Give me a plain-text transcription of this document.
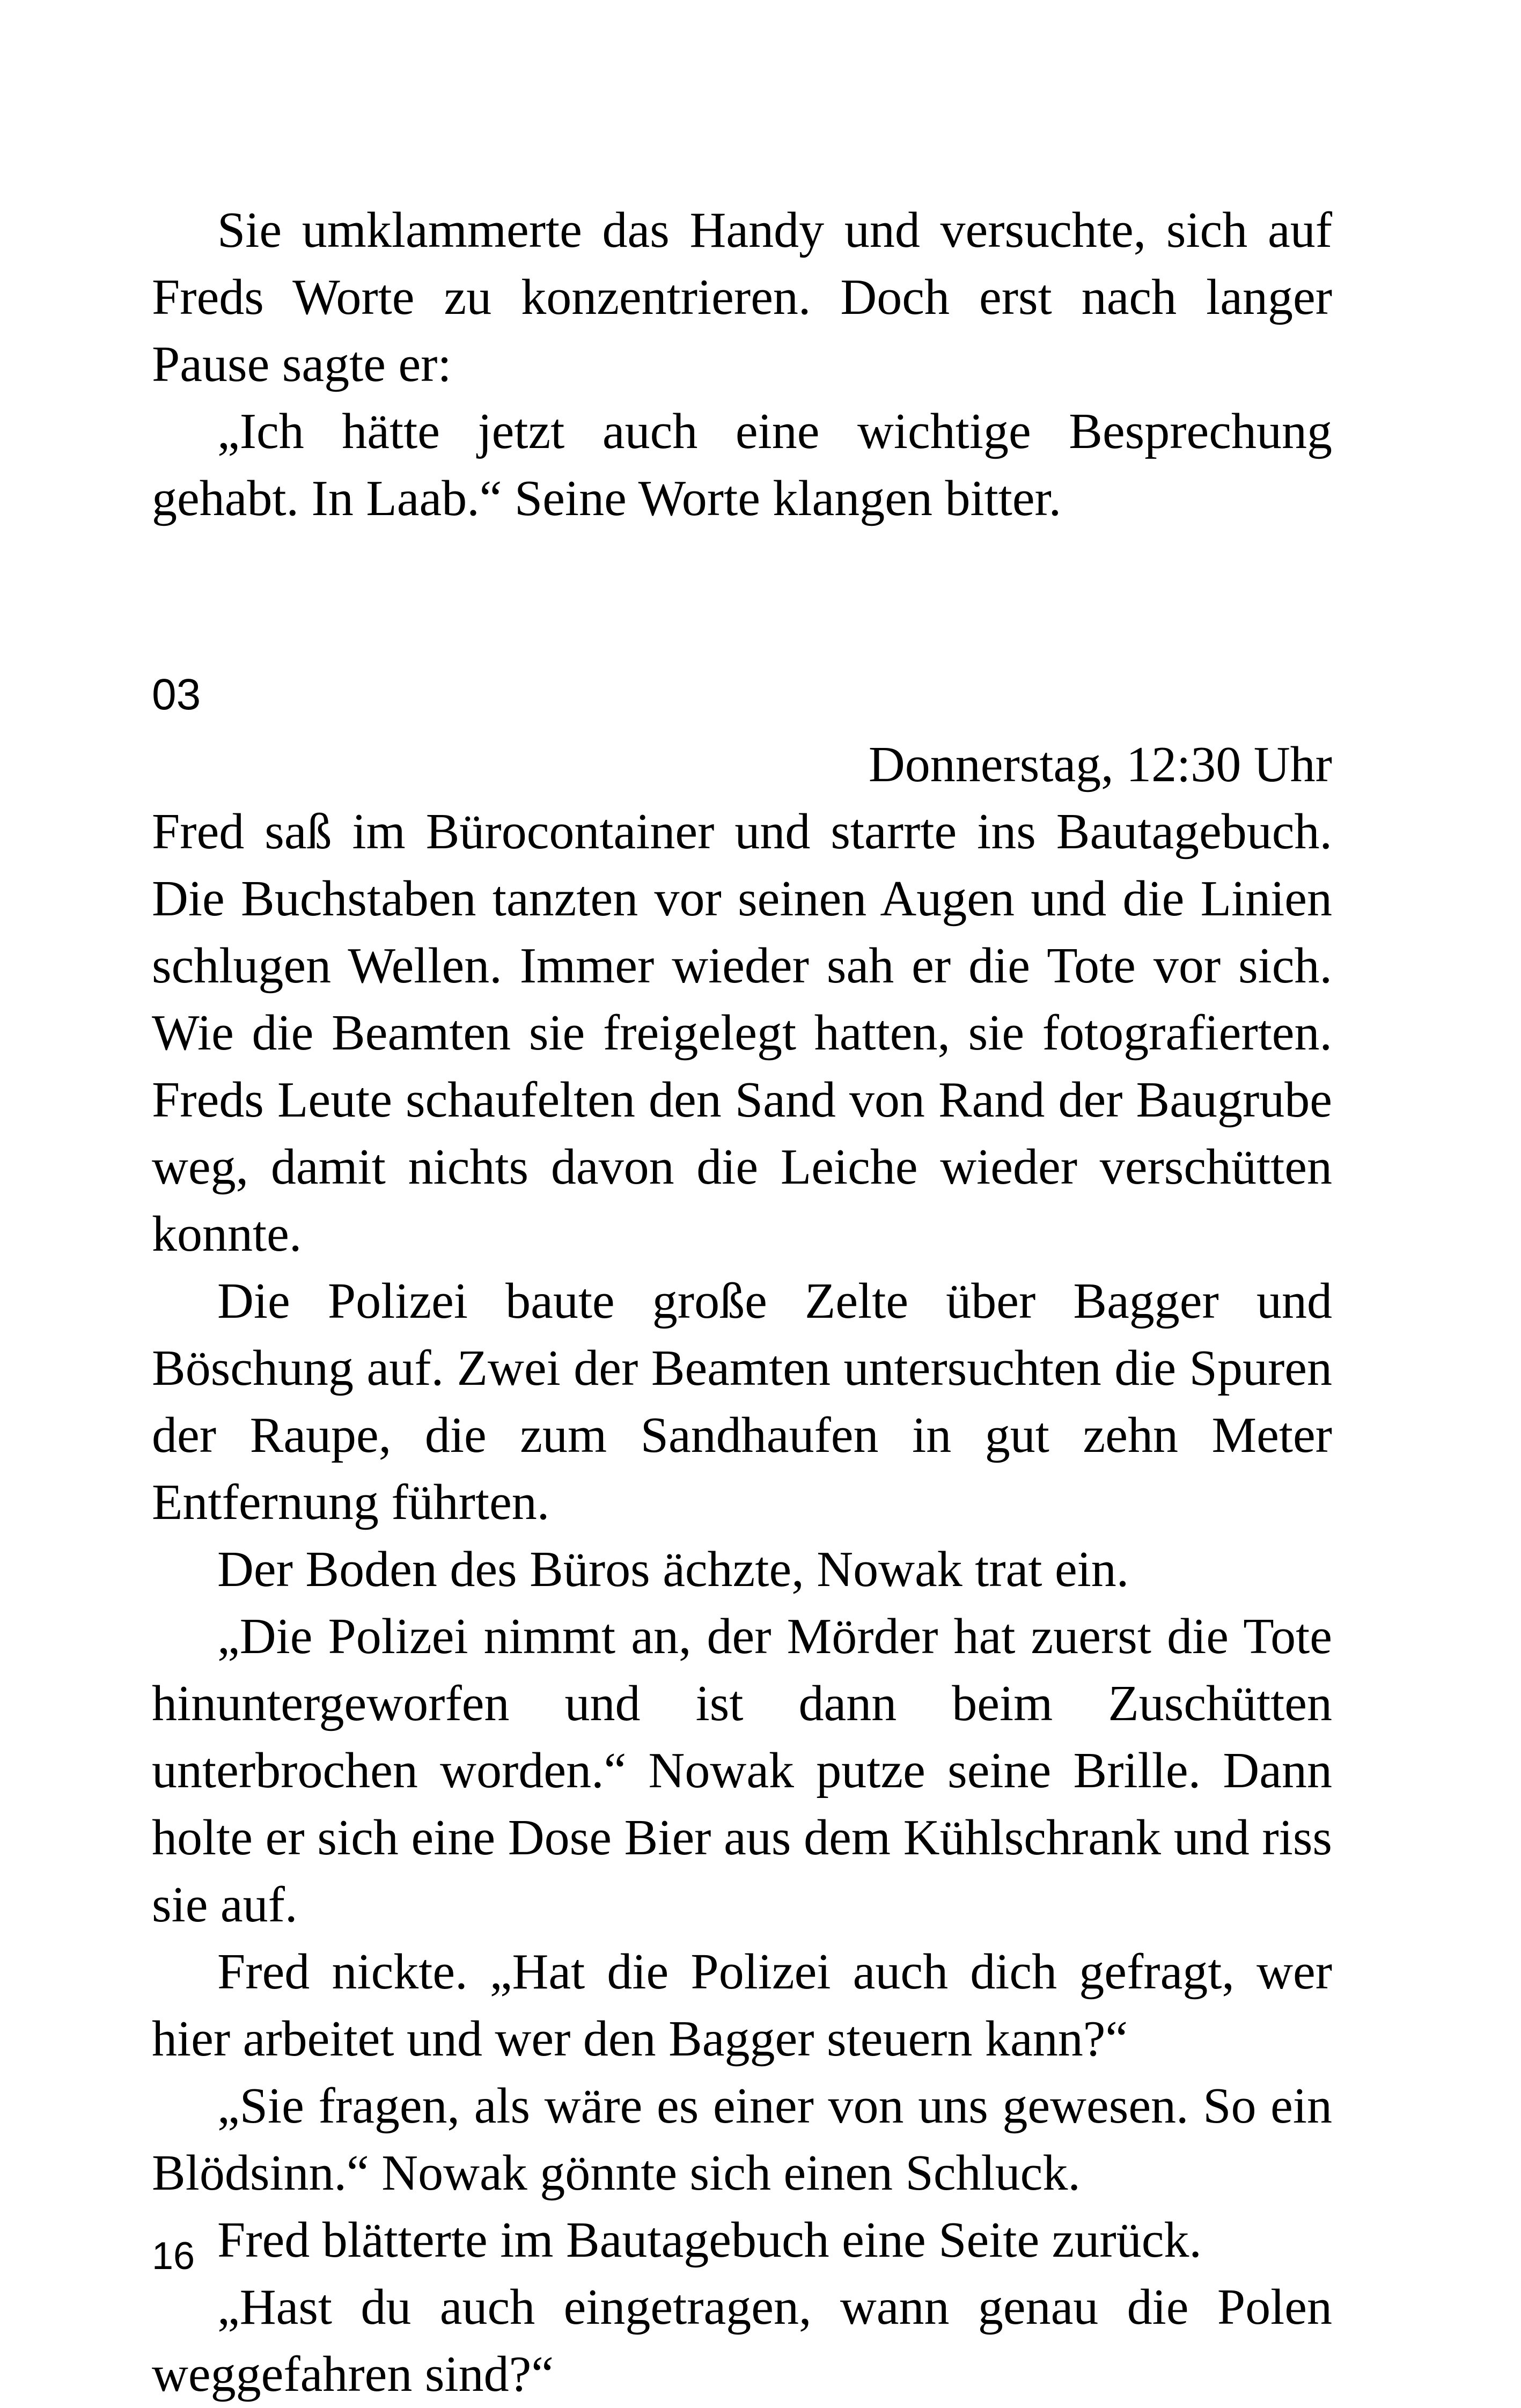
Sie umklammerte das Handy und versuchte, sich auf Freds Worte zu konzentrieren. Doch erst nach langer Pause sagte er:

„Ich hätte jetzt auch eine wichtige Besprechung gehabt. In Laab.“ Seine Worte klangen bitter.

03
Donnerstag, 12:30 Uhr

Fred saß im Bürocontainer und starrte ins Bautagebuch. Die Buchstaben tanzten vor seinen Augen und die Linien schlugen Wellen. Immer wieder sah er die Tote vor sich. Wie die Beamten sie freigelegt hatten, sie fotografierten. Freds Leute schaufelten den Sand von Rand der Baugrube weg, damit nichts davon die Leiche wieder verschütten konnte.

Die Polizei baute große Zelte über Bagger und Böschung auf. Zwei der Beamten untersuchten die Spuren der Raupe, die zum Sandhaufen in gut zehn Meter Entfernung führten.

Der Boden des Büros ächzte, Nowak trat ein.

„Die Polizei nimmt an, der Mörder hat zuerst die Tote hinuntergeworfen und ist dann beim Zuschütten unterbrochen worden.“ Nowak putze seine Brille. Dann holte er sich eine Dose Bier aus dem Kühlschrank und riss sie auf.

Fred nickte. „Hat die Polizei auch dich gefragt, wer hier arbeitet und wer den Bagger steuern kann?“

„Sie fragen, als wäre es einer von uns gewesen. So ein Blödsinn.“ Nowak gönnte sich einen Schluck.

Fred blätterte im Bautagebuch eine Seite zurück.

„Hast du auch eingetragen, wann genau die Polen weggefahren sind?“

16
